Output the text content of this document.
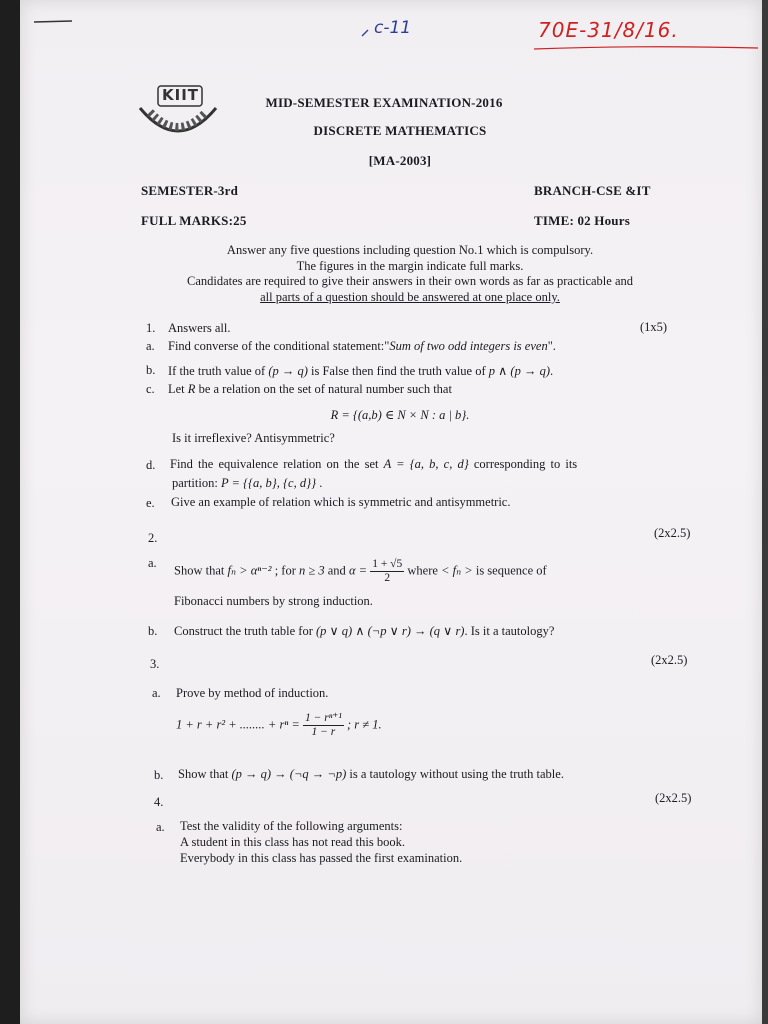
c-11	70E-31/8/16.
KIIT	MID-SEMESTER EXAMINATION-2016
DISCRETE MATHEMATICS
[MA-2003]
SEMESTER-3rd	BRANCH-CSE &IT
FULL MARKS:25	TIME: 02 Hours
Answer any five questions including question No.1 which is compulsory.
The figures in the margin indicate full marks.
Candidates are required to give their answers in their own words as far as practicable and
all parts of a question should be answered at one place only.
1. Answers all.	(1x5)
a. Find converse of the conditional statement:"Sum of two odd integers is even".
b. If the truth value of (p → q) is False then find the truth value of p ∧ (p → q).
c. Let R be a relation on the set of natural number such that
R = {(a,b) ∈ N × N : a | b}.
Is it irreflexive? Antisymmetric?
d. Find the equivalence relation on the set A = {a, b, c, d} corresponding to its
partition: P = {{a, b}, {c, d}} .
e. Give an example of relation which is symmetric and antisymmetric.
2.	(2x2.5)
a.
Show that fₙ > αⁿ⁻² ; for n ≥ 3 and $\alpha = \frac{1 + √5}{2}$ where < fₙ > is sequence of
Fibonacci numbers by strong induction.
b. Construct the truth table for (p ∨ q) ∧ (¬p ∨ r) → (q ∨ r). Is it a tautology?
3.	(2x2.5)
a. Prove by method of induction.
1 + r + r² + ........ + $r^n = \frac{\text{1 − rⁿ⁺¹}}{1 - r}$ ; r ≠ 1.
b. Show that (p → q) → (¬q → ¬p) is a tautology without using the truth table.
4.	(2x2.5)
a. Test the validity of the following arguments:
A student in this class has not read this book.
Everybody in this class has passed the first examination.
